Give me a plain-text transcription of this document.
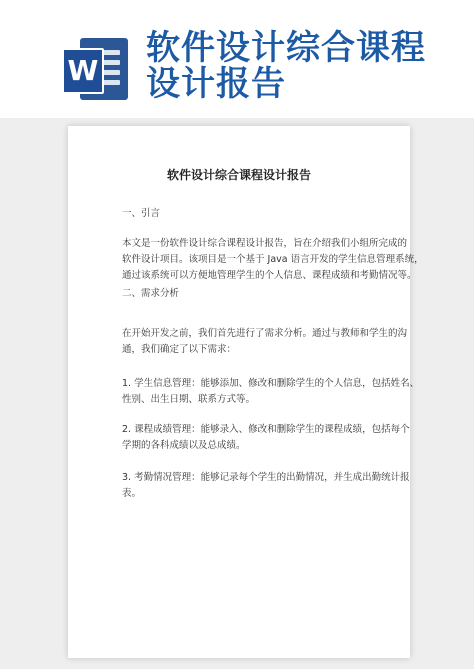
W
软件设计综合课程
设计报告
软件设计综合课程设计报告

一、引言

本文是一份软件设计综合课程设计报告，旨在介绍我们小组所完成的

软件设计项目。该项目是一个基于 Java 语言开发的学生信息管理系统，

通过该系统可以方便地管理学生的个人信息、课程成绩和考勤情况等。

二、需求分析

在开始开发之前，我们首先进行了需求分析。通过与教师和学生的沟

通，我们确定了以下需求：

1. 学生信息管理：能够添加、修改和删除学生的个人信息，包括姓名、

性别、出生日期、联系方式等。

2. 课程成绩管理：能够录入、修改和删除学生的课程成绩，包括每个

学期的各科成绩以及总成绩。

3. 考勤情况管理：能够记录每个学生的出勤情况，并生成出勤统计报

表。
